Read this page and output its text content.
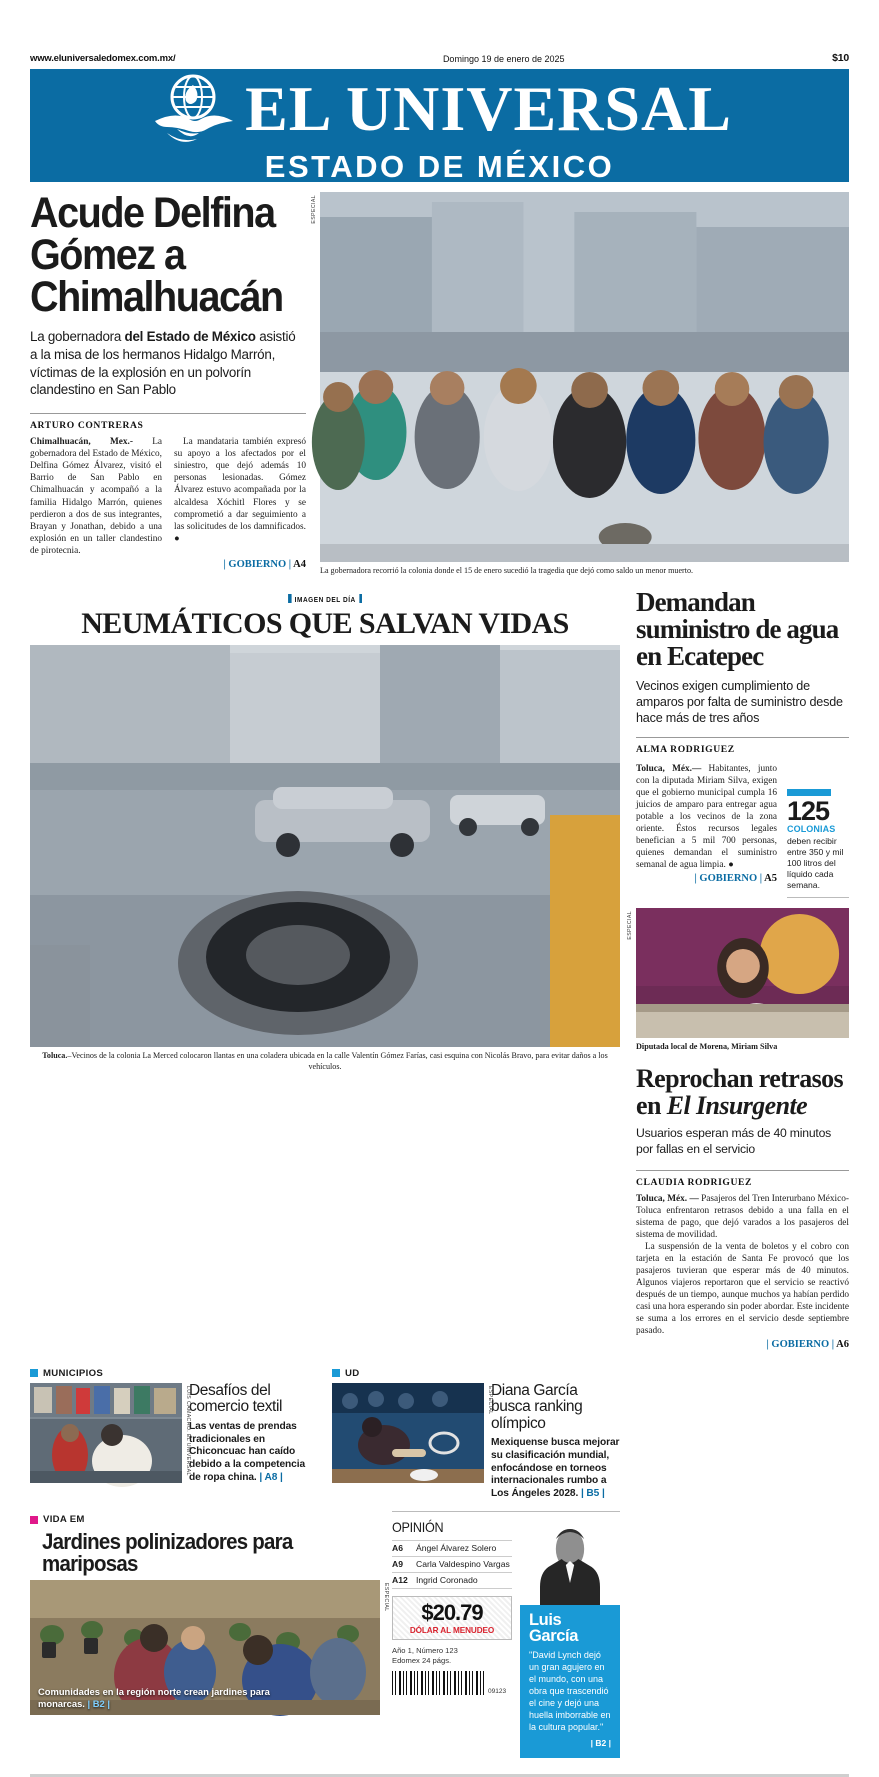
www.eluniversaledomex.com.mx/	Domingo 19 de enero de 2025	$10
EL UNIVERSAL
ESTADO DE MÉXICO
Acude Delfina Gómez a Chimalhuacán

La gobernadora del Estado de México asistió a la misa de los hermanos Hidalgo Marrón, víctimas de la explosión en un polvorín clandestino en San Pablo

ARTURO CONTRERAS

Chimalhuacán, Mex.- La gobernadora del Estado de México, Delfina Gómez Álvarez, visitó el Barrio de San Pablo en Chimalhuacán y acompañó a la familia Hidalgo Marrón, quienes perdieron a dos de sus integrantes, Brayan y Jonathan, debido a una explosión en un taller clandestino de pirotecnia.

La mandataria también expresó su apoyo a los afectados por el siniestro, que dejó además 10 personas lesionadas. Gómez Álvarez estuvo acompañada por la alcaldesa Xóchitl Flores y se comprometió a dar seguimiento a las solicitudes de los damnificados. ●

| GOBIERNO | A4
ESPECIAL
La gobernadora recorrió la colonia donde el 15 de enero sucedió la tragedia que dejó como saldo un menor muerto.
IMAGEN DEL DÍA
NEUMÁTICOS QUE SALVAN VIDAS
Toluca.–Vecinos de la colonia La Merced colocaron llantas en una coladera ubicada en la calle Valentín Gómez Farías, casi esquina con Nicolás Bravo, para evitar daños a los vehículos.
Demandan suministro de agua en Ecatepec

Vecinos exigen cumplimiento de amparos por falta de suministro desde hace más de tres años

ALMA RODRIGUEZ

Toluca, Méx.— Habitantes, junto con la diputada Miriam Silva, exigen que el gobierno municipal cumpla 16 juicios de amparo para entregar agua potable a los vecinos de la zona oriente. Éstos recursos legales benefician a 5 mil 700 personas, quienes demandan el suministro semanal de agua limpia. ●

| GOBIERNO | A5
125
COLONIAS
deben recibir entre 350 y mil 100 litros del líquido cada semana.
ESPECIAL
Diputada local de Morena, Miriam Silva
Reprochan retrasos en El Insurgente

Usuarios esperan más de 40 minutos por fallas en el servicio

CLAUDIA RODRIGUEZ

Toluca, Méx. — Pasajeros del Tren Interurbano México-Toluca enfrentaron retrasos debido a una falla en el sistema de pago, que dejó varados a los pasajeros del sistema de movilidad.

La suspensión de la venta de boletos y el cobro con tarjeta en la estación de Santa Fe provocó que los pasajeros tuvieran que esperar más de 40 minutos. Algunos viajeros reportaron que el servicio se reactivó después de un tiempo, aunque muchos ya habían perdido casi una hora esperando sin poder abordar. Este incidente se suma a los errores en el servicio desde septiembre pasado.

| GOBIERNO | A6
MUNICIPIOS
LUIS CAMACHO. EL UNIVERSAL
Desafíos del comercio textil

Las ventas de prendas tradicionales en Chiconcuac han caído debido a la competencia de ropa china. | A8 |

UD
ESPECIAL
Diana García busca ranking olímpico

Mexiquense busca mejorar su clasificación mundial, enfocándose en torneos internacionales rumbo a Los Ángeles 2028. | B5 |

VIDA EM
Jardines polinizadores para mariposas
ESPECIAL
Comunidades en la región norte crean jardines para monarcas. | B2 |
OPINIÓN
A6	Ángel Álvarez Solero
A9	Carla Valdespino Vargas
A12 Ingrid Coronado
$20.79
DÓLAR AL MENUDEO
Año 1, Número 123
Edomex 24 págs.
09123
Luis García
"David Lynch dejó un gran agujero en el mundo, con una obra que trascendió el cine y dejó una huella imborrable en la cultura popular."
| B2 |
